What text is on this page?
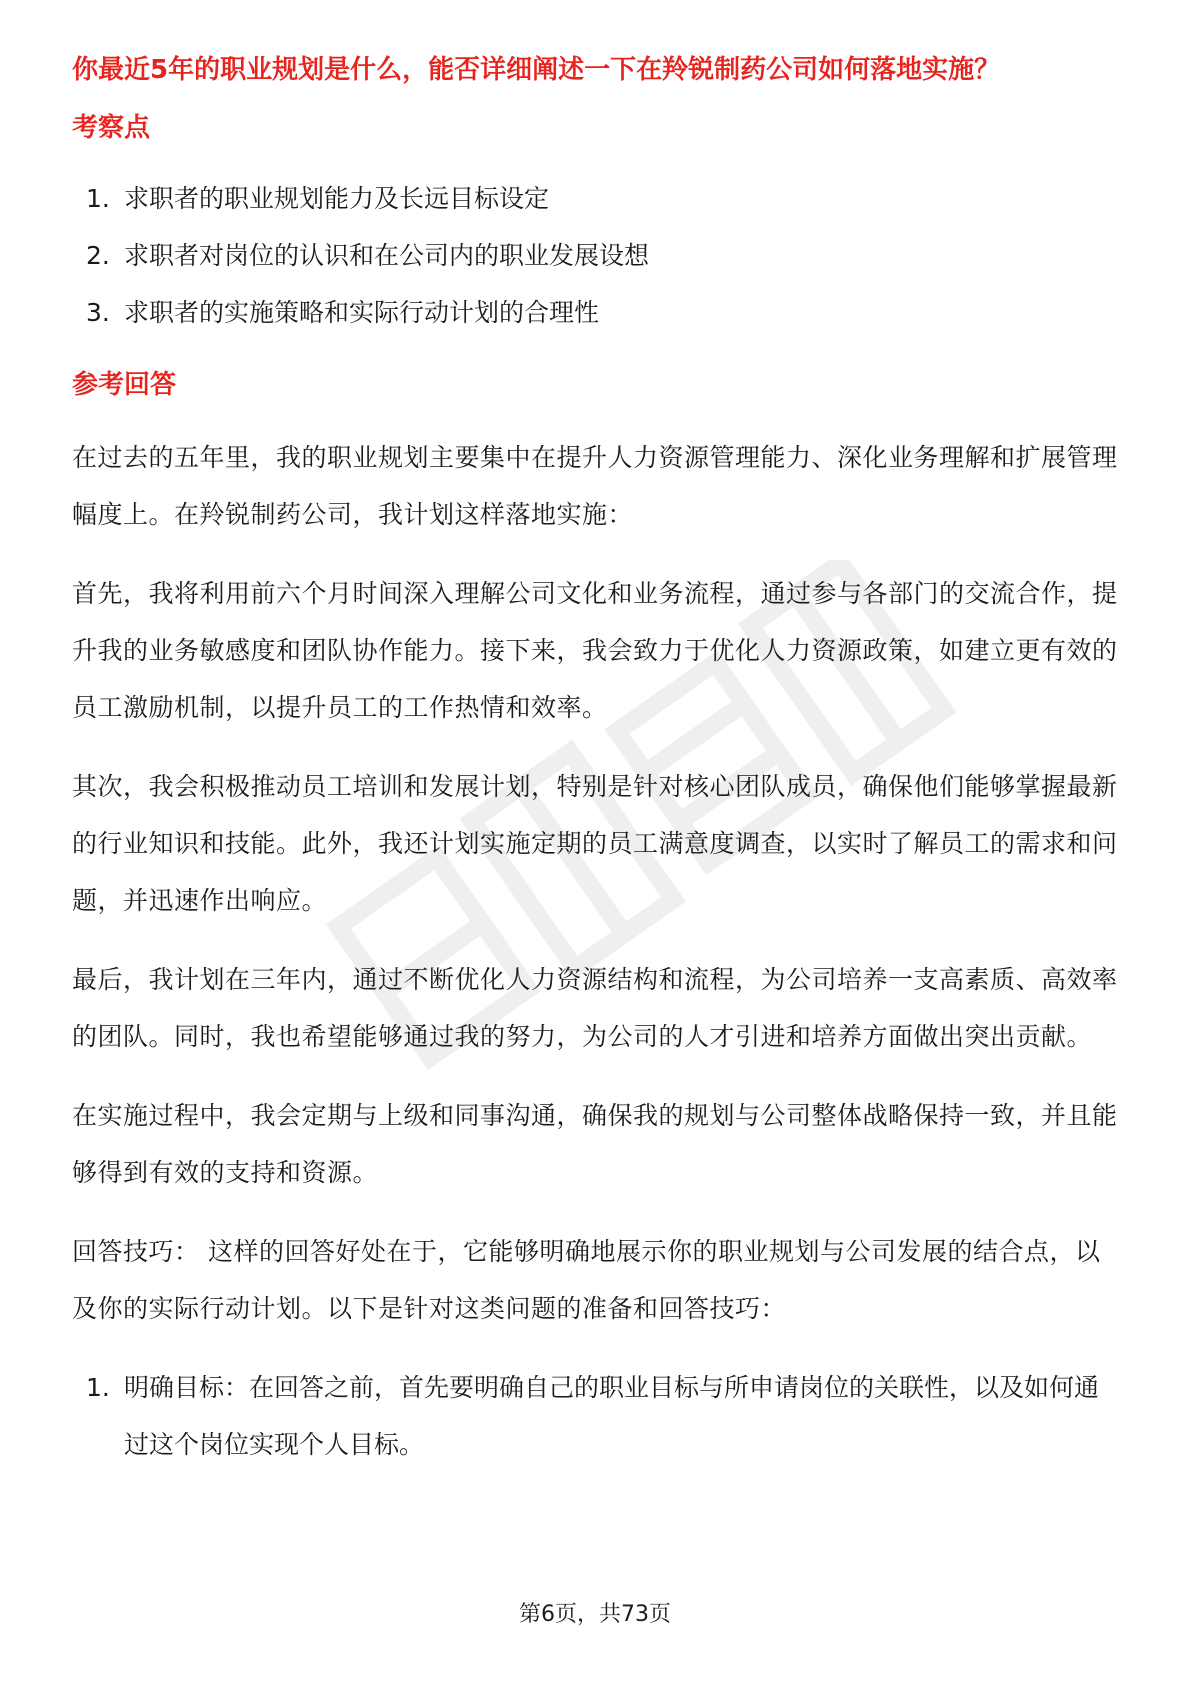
你最近5年的职业规划是什么，能否详细阐述一下在羚锐制药公司如何落地实施？
考察点
1. 求职者的职业规划能力及长远目标设定
2. 求职者对岗位的认识和在公司内的职业发展设想
3. 求职者的实施策略和实际行动计划的合理性
参考回答

在过去的五年里，我的职业规划主要集中在提升人力资源管理能力、深化业务理解和扩展管理幅度上。在羚锐制药公司，我计划这样落地实施：

首先，我将利用前六个月时间深入理解公司文化和业务流程，通过参与各部门的交流合作，提升我的业务敏感度和团队协作能力。接下来，我会致力于优化人力资源政策，如建立更有效的员工激励机制，以提升员工的工作热情和效率。

其次，我会积极推动员工培训和发展计划，特别是针对核心团队成员，确保他们能够掌握最新的行业知识和技能。此外，我还计划实施定期的员工满意度调查，以实时了解员工的需求和问题，并迅速作出响应。

最后，我计划在三年内，通过不断优化人力资源结构和流程，为公司培养一支高素质、高效率的团队。同时，我也希望能够通过我的努力，为公司的人才引进和培养方面做出突出贡献。

在实施过程中，我会定期与上级和同事沟通，确保我的规划与公司整体战略保持一致，并且能够得到有效的支持和资源。

回答技巧： 这样的回答好处在于，它能够明确地展示你的职业规划与公司发展的结合点，以及你的实际行动计划。以下是针对这类问题的准备和回答技巧：

1. 明确目标：在回答之前，首先要明确自己的职业目标与所申请岗位的关联性，以及如何通过这个岗位实现个人目标。
第6页，共73页
